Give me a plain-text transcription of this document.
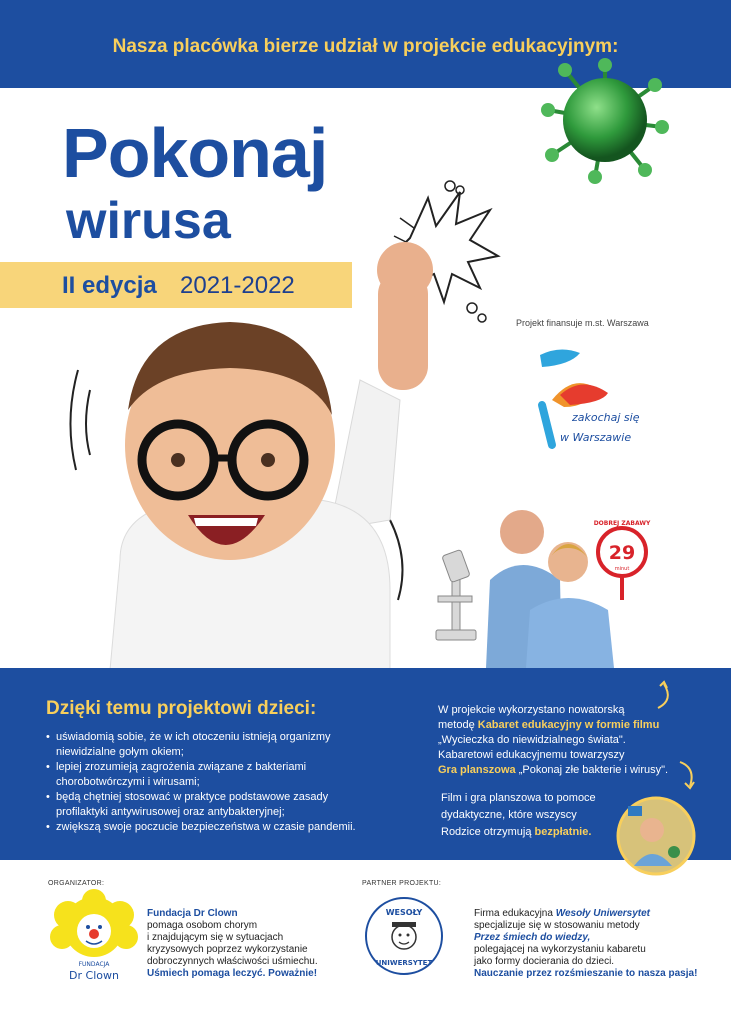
Nasza placówka bierze udział w projekcie edukacyjnym:
Pokonaj
wirusa
II edycja 2021-2022
Projekt finansuje m.st. Warszawa
zakochaj się
w Warszawie
29
DOBREJ ZABAWY
minut
Dzięki temu projektowi dzieci:
• uświadomią sobie, że w ich otoczeniu istnieją organizmy
niewidzialne gołym okiem;
• lepiej zrozumieją zagrożenia związane z bakteriami
chorobotwórczymi i wirusami;
• będą chętniej stosować w praktyce podstawowe zasady
profilaktyki antywirusowej oraz antybakteryjnej;
• zwiększą swoje poczucie bezpieczeństwa w czasie pandemii.
W projekcie wykorzystano nowatorską
metodę Kabaret edukacyjny w formie filmu
„Wycieczka do niewidzialnego świata".
Kabaretowi edukacyjnemu towarzyszy
Gra planszowa „Pokonaj złe bakterie i wirusy".
Film i gra planszowa to pomoce
dydaktyczne, które wszyscy
Rodzice otrzymują bezpłatnie.
ORGANIZATOR:	PARTNER PROJEKTU:
FUNDACJA
Dr Clown
Fundacja Dr Clown
pomaga osobom chorym
i znajdującym się w sytuacjach
kryzysowych poprzez wykorzystanie
dobroczynnych właściwości uśmiechu.
Uśmiech pomaga leczyć. Poważnie!
WESOŁY
UNIWERSYTET
Firma edukacyjna Wesoły Uniwersytet
specjalizuje się w stosowaniu metody
Przez śmiech do wiedzy,
polegającej na wykorzystaniu kabaretu
jako formy docierania do dzieci.
Nauczanie przez rozśmieszanie to nasza pasja!
